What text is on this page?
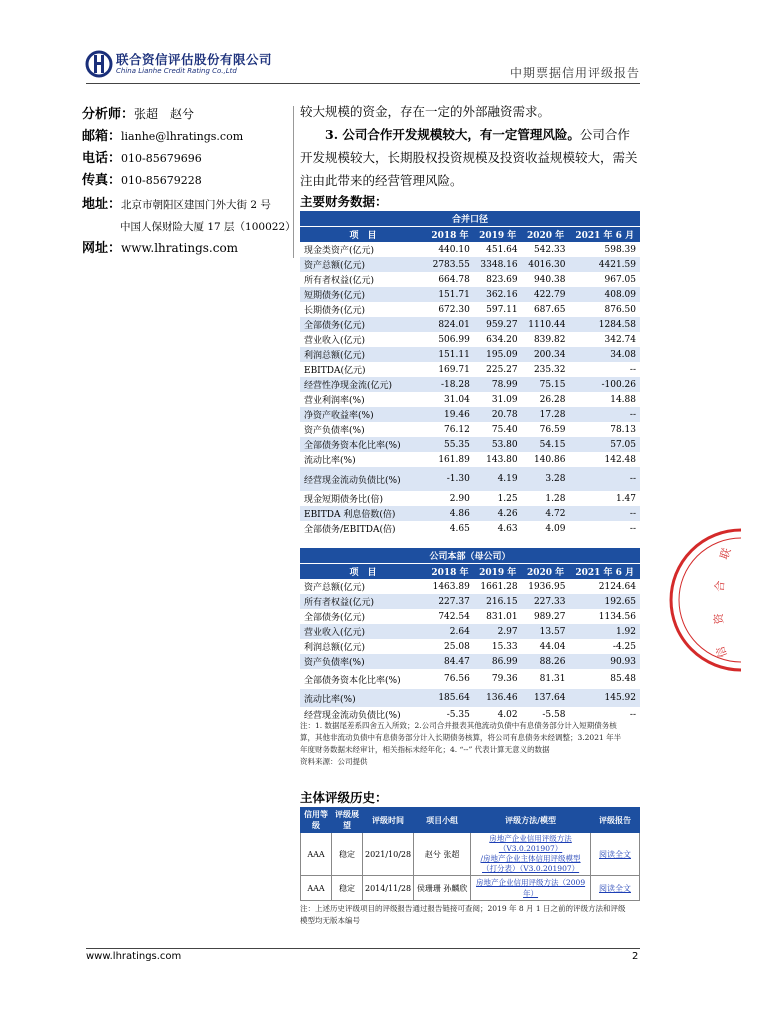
联合资信评估股份有限公司
China Lianhe Credit Rating Co.,Ltd	中期票据信用评级报告
分析师：张超　赵兮
邮箱：lianhe@lhratings.com
电话：010-85679696
传真：010-85679228
地址：北京市朝阳区建国门外大街 2 号
中国人保财险大厦 17 层（100022）
网址：www.lhratings.com
较大规模的资金，存在一定的外部融资需求。
3. 公司合作开发规模较大，有一定管理风险。公司合作开发规模较大，长期股权投资规模及投资收益规模较大，需关注由此带来的经营管理风险。
主要财务数据：
合并口径				
项　目	2018 年	2019 年	2020 年	2021 年 6 月
现金类资产(亿元)	440.10	451.64	542.33	598.39
资产总额(亿元)	2783.55	3348.16	4016.30	4421.59
所有者权益(亿元)	664.78	823.69	940.38	967.05
短期债务(亿元)	151.71	362.16	422.79	408.09
长期债务(亿元)	672.30	597.11	687.65	876.50
全部债务(亿元)	824.01	959.27	1110.44	1284.58
营业收入(亿元)	506.99	634.20	839.82	342.74
利润总额(亿元)	151.11	195.09	200.34	34.08
EBITDA(亿元)	169.71	225.27	235.32	--
经营性净现金流(亿元)	-18.28	78.99	75.15	-100.26
营业利润率(%)	31.04	31.09	26.28	14.88
净资产收益率(%)	19.46	20.78	17.28	--
资产负债率(%)	76.12	75.40	76.59	78.13
全部债务资本化比率(%)	55.35	53.80	54.15	57.05
流动比率(%)	161.89	143.80	140.86	142.48
经营现金流动负债比(%)	-1.30	4.19	3.28	--
现金短期债务比(倍)	2.90	1.25	1.28	1.47
EBITDA 利息倍数(倍)	4.86	4.26	4.72	--
全部债务/EBITDA(倍)	4.65	4.63	4.09	--
公司本部（母公司）				
项　目	2018 年	2019 年	2020 年	2021 年 6 月
资产总额(亿元)	1463.89	1661.28	1936.95	2124.64
所有者权益(亿元)	227.37	216.15	227.33	192.65
全部债务(亿元)	742.54	831.01	989.27	1134.56
营业收入(亿元)	2.64	2.97	13.57	1.92
利润总额(亿元)	25.08	15.33	44.04	-4.25
资产负债率(%)	84.47	86.99	88.26	90.93
全部债务资本化比率(%)	76.56	79.36	81.31	85.48
流动比率(%)	185.64	136.46	137.64	145.92
经营现金流动负债比(%)	-5.35	4.02	-5.58	--
注：1. 数据尾差系四舍五入所致；2.公司合并报表其他流动负债中有息债务部分计入短期债务核
算，其他非流动负债中有息债务部分计入长期债务核算，将公司有息债务未经调整；3.2021 年半
年度财务数据未经审计，相关指标未经年化；4. “--” 代表计算无意义的数据
资料来源：公司提供
主体评级历史：
信用等级	评级展望	评级时间	项目小组	评级方法/模型	评级报告
AAA	稳定	2021/10/28	赵兮 张超	房地产企业信用评级方法（V3.0.201907）
/房地产企业主体信用评级模型（打分表）（V3.0.201907）	阅读全文
AAA	稳定	2014/11/28	侯珊珊 孙麟欣	房地产企业信用评级方法（2009 年）	阅读全文
注：上述历史评级项目的评级报告通过报告链接可查阅；2019 年 8 月 1 日之前的评级方法和评级
模型均无版本编号
联
合
资
信
www.lhratings.com	2
